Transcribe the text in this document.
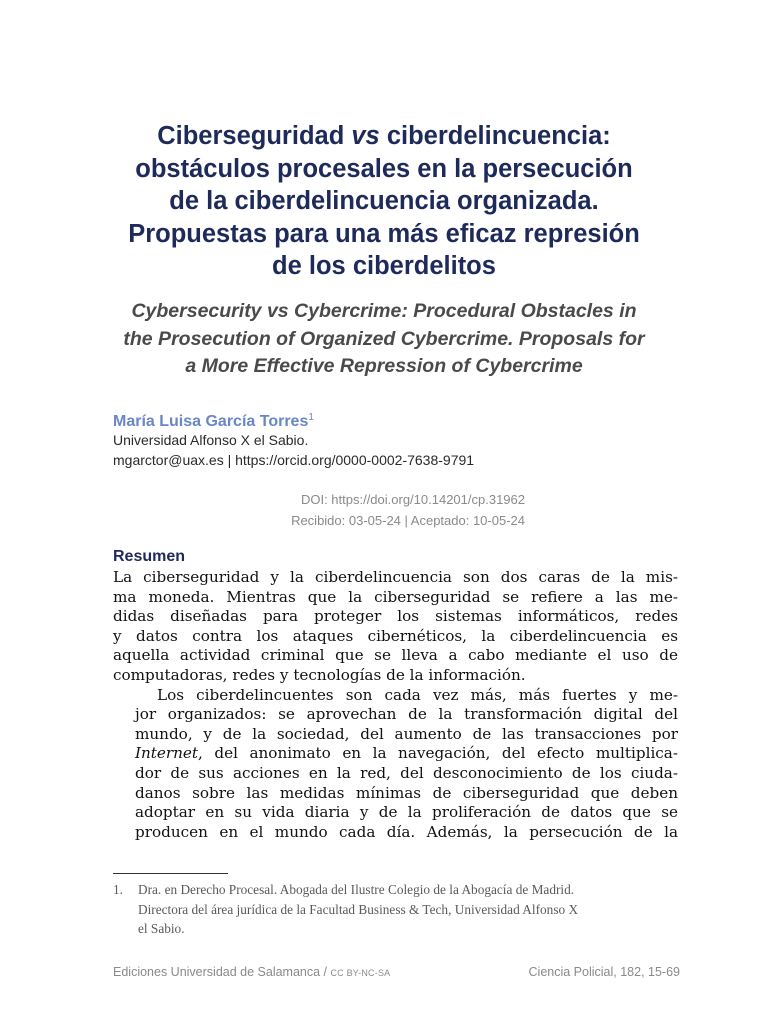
Ciberseguridad vs ciberdelincuencia:
obstáculos procesales en la persecución
de la ciberdelincuencia organizada.
Propuestas para una más eficaz represión
de los ciberdelitos
Cybersecurity vs Cybercrime: Procedural Obstacles in
the Prosecution of Organized Cybercrime. Proposals for
a More Effective Repression of Cybercrime
María Luisa García Torres$^1$
Universidad Alfonso X el Sabio.
mgarctor@uax.es | https://orcid.org/0000-0002-7638-9791
DOI: https://doi.org/10.14201/cp.31962
Recibido: 03-05-24 | Aceptado: 10-05-24
Resumen

La ciberseguridad y la ciberdelincuencia son dos caras de la mis-
ma moneda. Mientras que la ciberseguridad se refiere a las me-
didas diseñadas para proteger los sistemas informáticos, redes
y datos contra los ataques cibernéticos, la ciberdelincuencia es
aquella actividad criminal que se lleva a cabo mediante el uso de
computadoras, redes y tecnologías de la información.

Los ciberdelincuentes son cada vez más, más fuertes y me-
jor organizados: se aprovechan de la transformación digital del
mundo, y de la sociedad, del aumento de las transacciones por
Internet, del anonimato en la navegación, del efecto multiplica-
dor de sus acciones en la red, del desconocimiento de los ciuda-
danos sobre las medidas mínimas de ciberseguridad que deben
adoptar en su vida diaria y de la proliferación de datos que se
producen en el mundo cada día. Además, la persecución de la

1. Dra. en Derecho Procesal. Abogada del Ilustre Colegio de la Abogacía de Madrid.
Directora del área jurídica de la Facultad Business & Tech, Universidad Alfonso X
el Sabio.
Ediciones Universidad de Salamanca / CC BY-NC-SA	Ciencia Policial, 182, 15-69
